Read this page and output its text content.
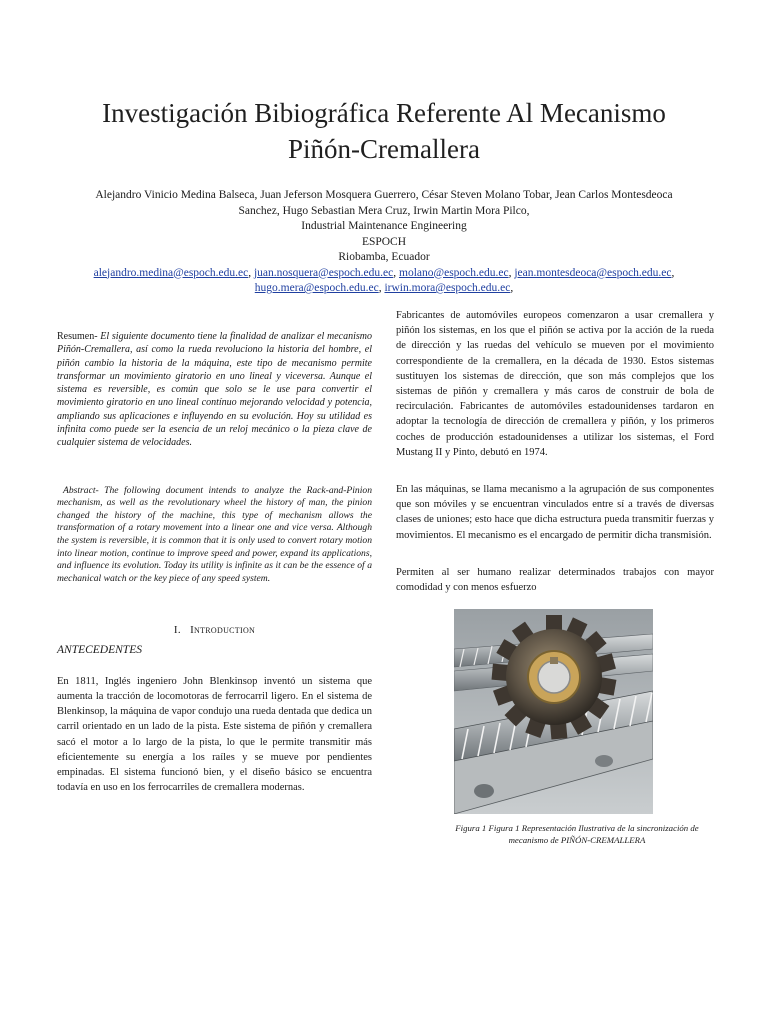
Investigación Bibiográfica Referente Al Mecanismo
Piñón-Cremallera
Alejandro Vinicio Medina Balseca, Juan Jeferson Mosquera Guerrero, César Steven Molano Tobar, Jean Carlos Montesdeoca
Sanchez, Hugo Sebastian Mera Cruz, Irwin Martin Mora Pilco,
Industrial Maintenance Engineering
ESPOCH
Riobamba, Ecuador
alejandro.medina@espoch.edu.ec, juan.nosquera@espoch.edu.ec, molano@espoch.edu.ec, jean.montesdeoca@espoch.edu.ec,
hugo.mera@espoch.edu.ec, irwin.mora@espoch.edu.ec,

Resumen- El siguiente documento tiene la finalidad de analizar el mecanismo Piñón-Cremallera, así como la rueda revoluciono la historia del hombre, el piñón cambio la historia de la máquina, este tipo de mecanismo permite transformar un movimiento giratorio en uno lineal y viceversa. Aunque el sistema es reversible, es común que solo se le use para convertir el movimiento giratorio en uno lineal contínuo mejorando velocidad y potencia, ampliando sus aplicaciones e influyendo en su evolución. Hoy su utilidad es infinita como puede ser la esencia de un reloj mecánico o la pieza clave de cualquier sistema de velocidades.

Abstract- The following document intends to analyze the Rack-and-Pinion mechanism, as well as the revolutionary wheel the history of man, the pinion changed the history of the machine, this type of mechanism allows the transformation of a rotary movement into a linear one and vice versa. Although the system is reversible, it is common that it is only used to convert rotary motion into linear motion, continue to improve speed and power, expand its applications, and influence its evolution. Today its utility is infinite as it can be the essence of a mechanical watch or the key piece of any speed system.

I. Introduction
ANTECEDENTES

En 1811, Inglés ingeniero John Blenkinsop inventó un sistema que aumenta la tracción de locomotoras de ferrocarril ligero. En el sistema de Blenkinsop, la máquina de vapor condujo una rueda dentada que dedica un carril orientado en un lado de la pista. Este sistema de piñón y cremallera sacó el motor a lo largo de la pista, lo que le permite transmitir más eficientemente su energía a los raíles y se mueve por pendientes empinadas. El sistema funcionó bien, y el diseño básico se encuentra todavía en uso en los ferrocarriles de cremallera modernas.

Fabricantes de automóviles europeos comenzaron a usar cremallera y piñón los sistemas, en los que el piñón se activa por la acción de la rueda de dirección y las ruedas del vehículo se mueven por el movimiento correspondiente de la cremallera, en la década de 1930. Estos sistemas sustituyen los sistemas de dirección, que son más complejos que los sistemas de piñón y cremallera y más caros de construir de bola de recirculación. Fabricantes de automóviles estadounidenses tardaron en adoptar la tecnología de dirección de cremallera y piñón, y los primeros coches de producción estadounidenses a utilizar los sistemas, el Ford Mustang II y Pinto, debutó en 1974.

En las máquinas, se llama mecanismo a la agrupación de sus componentes que son móviles y se encuentran vinculados entre sí a través de diversas clases de uniones; esto hace que dicha estructura pueda transmitir fuerzas y movimientos. El mecanismo es el encargado de permitir dicha transmisión.

Permiten al ser humano realizar determinados trabajos con mayor comodidad y con menos esfuerzo

Figura 1 Figura 1 Representación Ilustrativa de la sincronización de mecanismo de PIÑÓN-CREMALLERA
